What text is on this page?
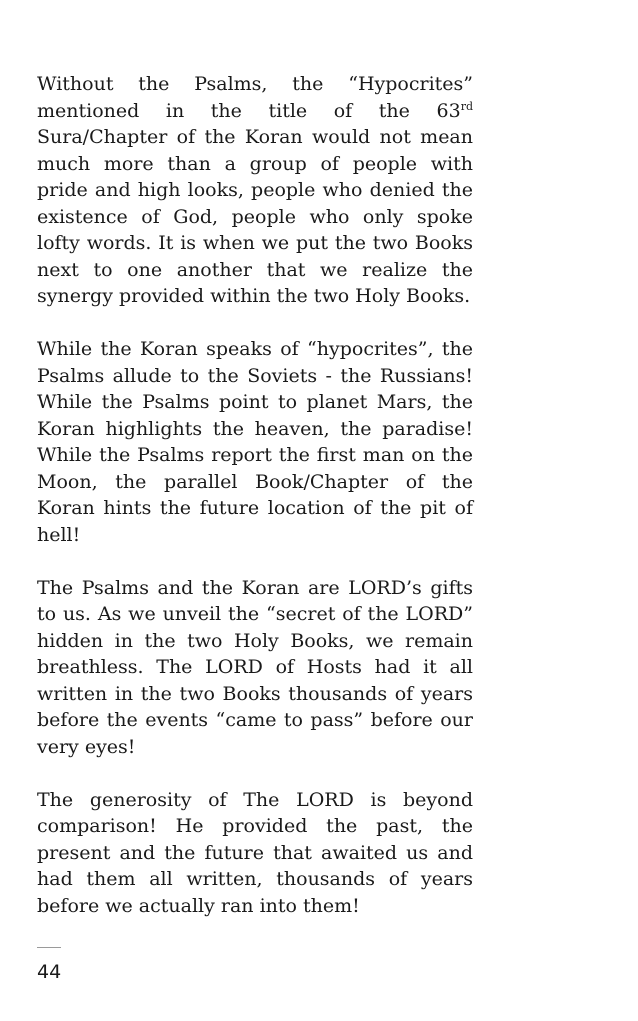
Without the Psalms, the “Hypocrites” mentioned in the title of the 63rd Sura/Chapter of the Koran would not mean much more than a group of people with pride and high looks, people who denied the existence of God, people who only spoke lofty words. It is when we put the two Books next to one another that we realize the synergy provided within the two Holy Books.

While the Koran speaks of “hypocrites”, the Psalms allude to the Soviets - the Russians! While the Psalms point to planet Mars, the Koran highlights the heaven, the paradise! While the Psalms report the first man on the Moon, the parallel Book/Chapter of the Koran hints the future location of the pit of hell!

The Psalms and the Koran are LORD’s gifts to us. As we unveil the “secret of the LORD” hidden in the two Holy Books, we remain breathless. The LORD of Hosts had it all written in the two Books thousands of years before the events “came to pass” before our very eyes!

The generosity of The LORD is beyond comparison! He provided the past, the present and the future that awaited us and had them all written, thousands of years before we actually ran into them!

44
